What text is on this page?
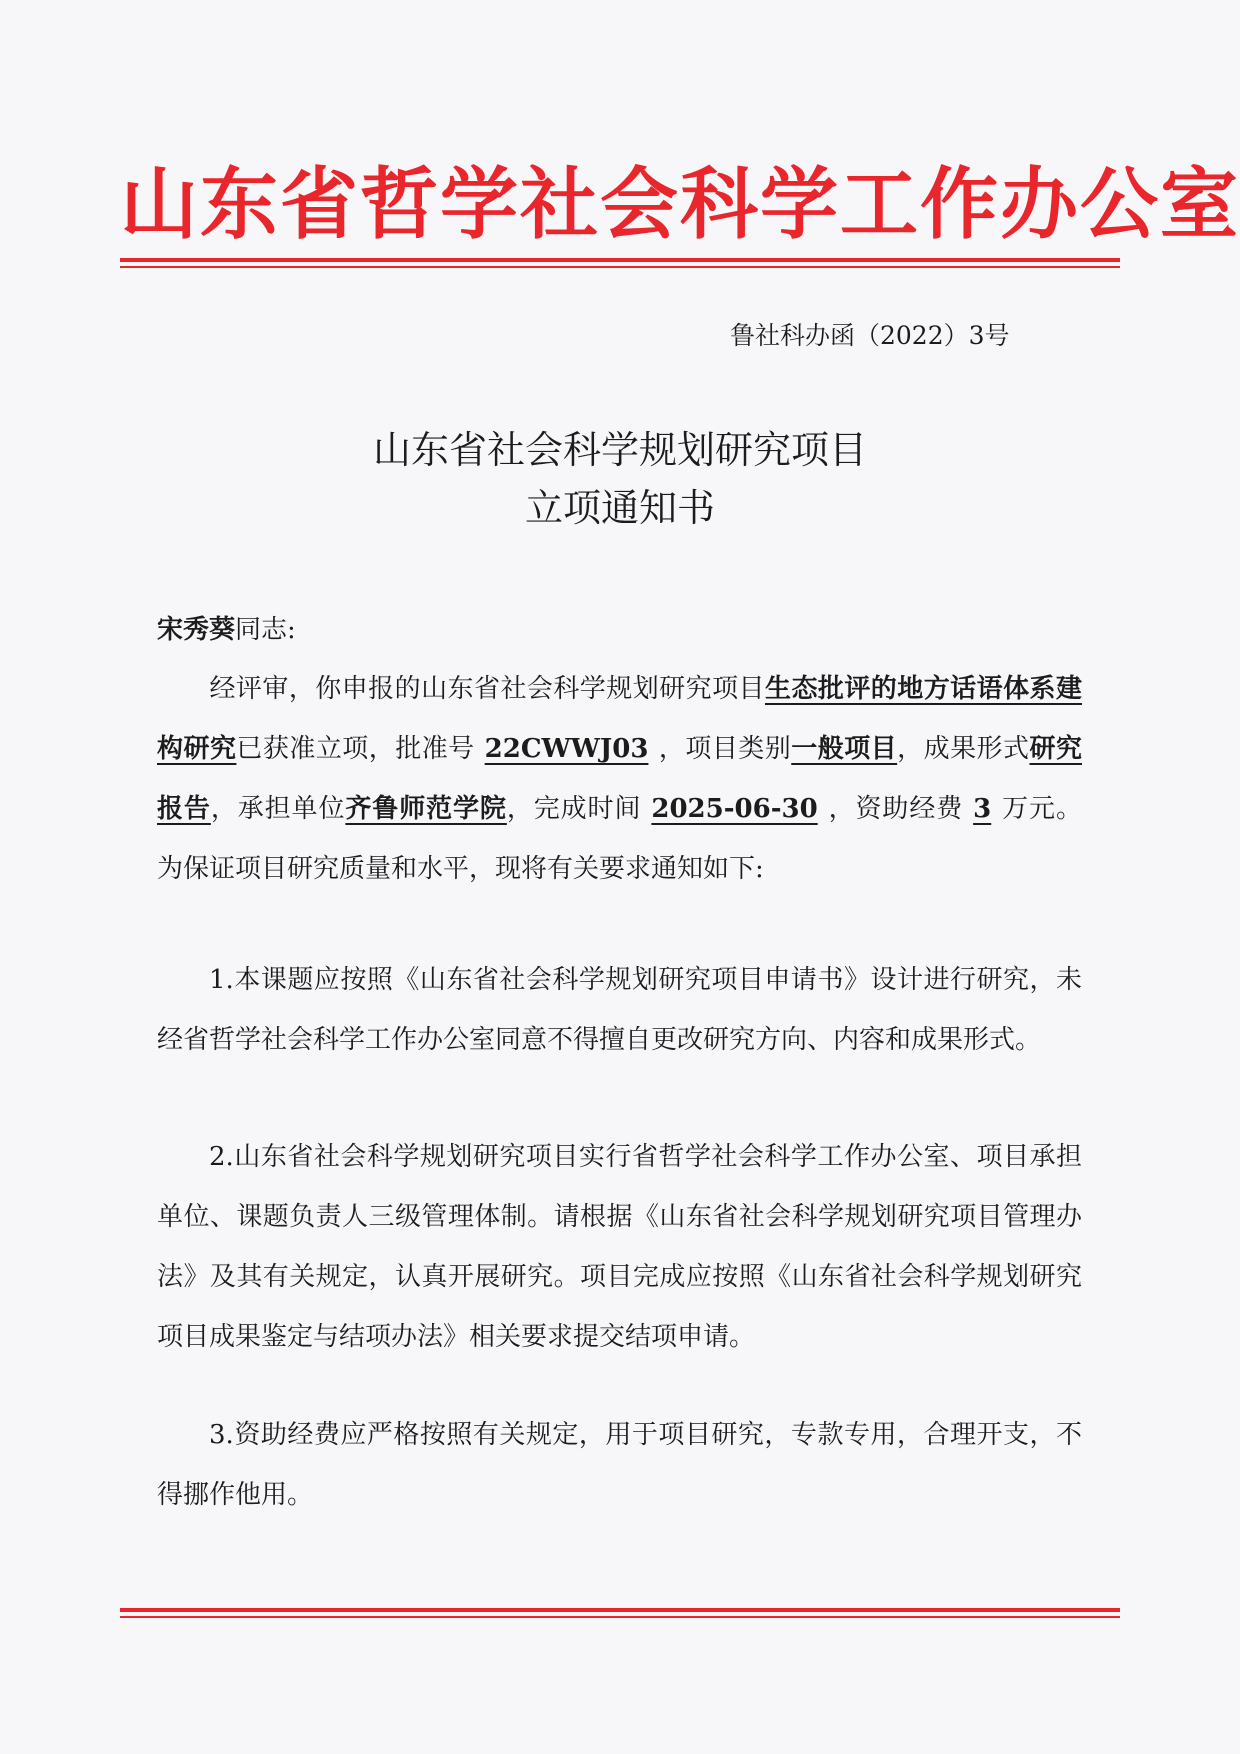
山东省哲学社会科学工作办公室
鲁社科办函（2022）3号
山东省社会科学规划研究项目
立项通知书
宋秀葵同志:
经评审，你申报的山东省社会科学规划研究项目生态批评的地方话语体系建构研究已获准立项，批准号 22CWWJ03 ，项目类别一般项目，成果形式研究报告，承担单位齐鲁师范学院，完成时间 2025-06-30 ，资助经费 3 万元。为保证项目研究质量和水平，现将有关要求通知如下:
1.本课题应按照《山东省社会科学规划研究项目申请书》设计进行研究，未经省哲学社会科学工作办公室同意不得擅自更改研究方向、内容和成果形式。
2.山东省社会科学规划研究项目实行省哲学社会科学工作办公室、项目承担单位、课题负责人三级管理体制。请根据《山东省社会科学规划研究项目管理办法》及其有关规定，认真开展研究。项目完成应按照《山东省社会科学规划研究项目成果鉴定与结项办法》相关要求提交结项申请。
3.资助经费应严格按照有关规定，用于项目研究，专款专用，合理开支，不得挪作他用。
